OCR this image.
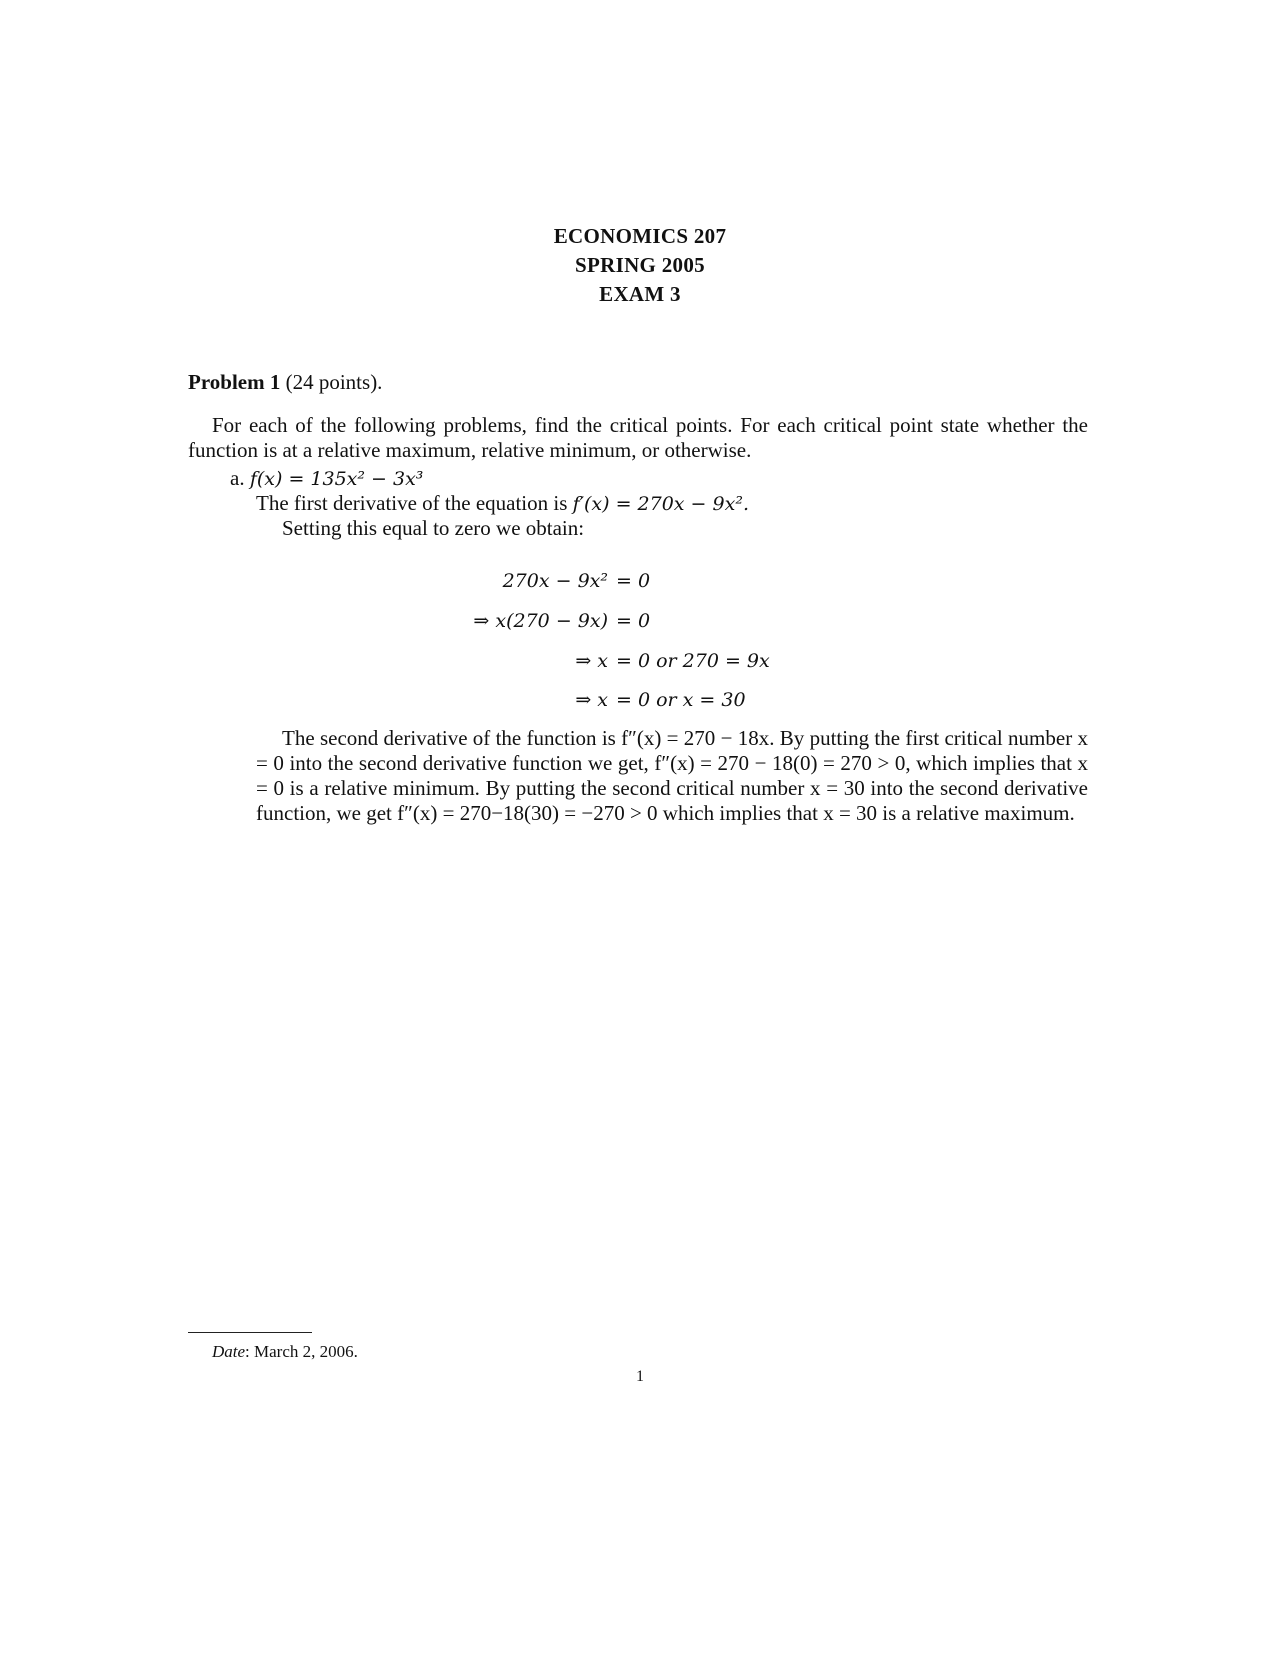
ECONOMICS 207
SPRING 2005
EXAM 3
Problem 1 (24 points).
For each of the following problems, find the critical points. For each critical point state whether the function is at a relative maximum, relative minimum, or otherwise.
a. f(x) = 135x² − 3x³
The first derivative of the equation is f′(x) = 270x − 9x².
Setting this equal to zero we obtain:
270x − 9x² = 0
⇒ x(270 − 9x) = 0
⇒ x = 0 or 270 = 9x
⇒ x = 0 or x = 30
The second derivative of the function is f″(x) = 270 − 18x. By putting the first critical number x = 0 into the second derivative function we get, f″(x) = 270 − 18(0) = 270 > 0, which implies that x = 0 is a relative minimum. By putting the second critical number x = 30 into the second derivative function, we get f″(x) = 270−18(30) = −270 > 0 which implies that x = 30 is a relative maximum.
Date: March 2, 2006.
1
